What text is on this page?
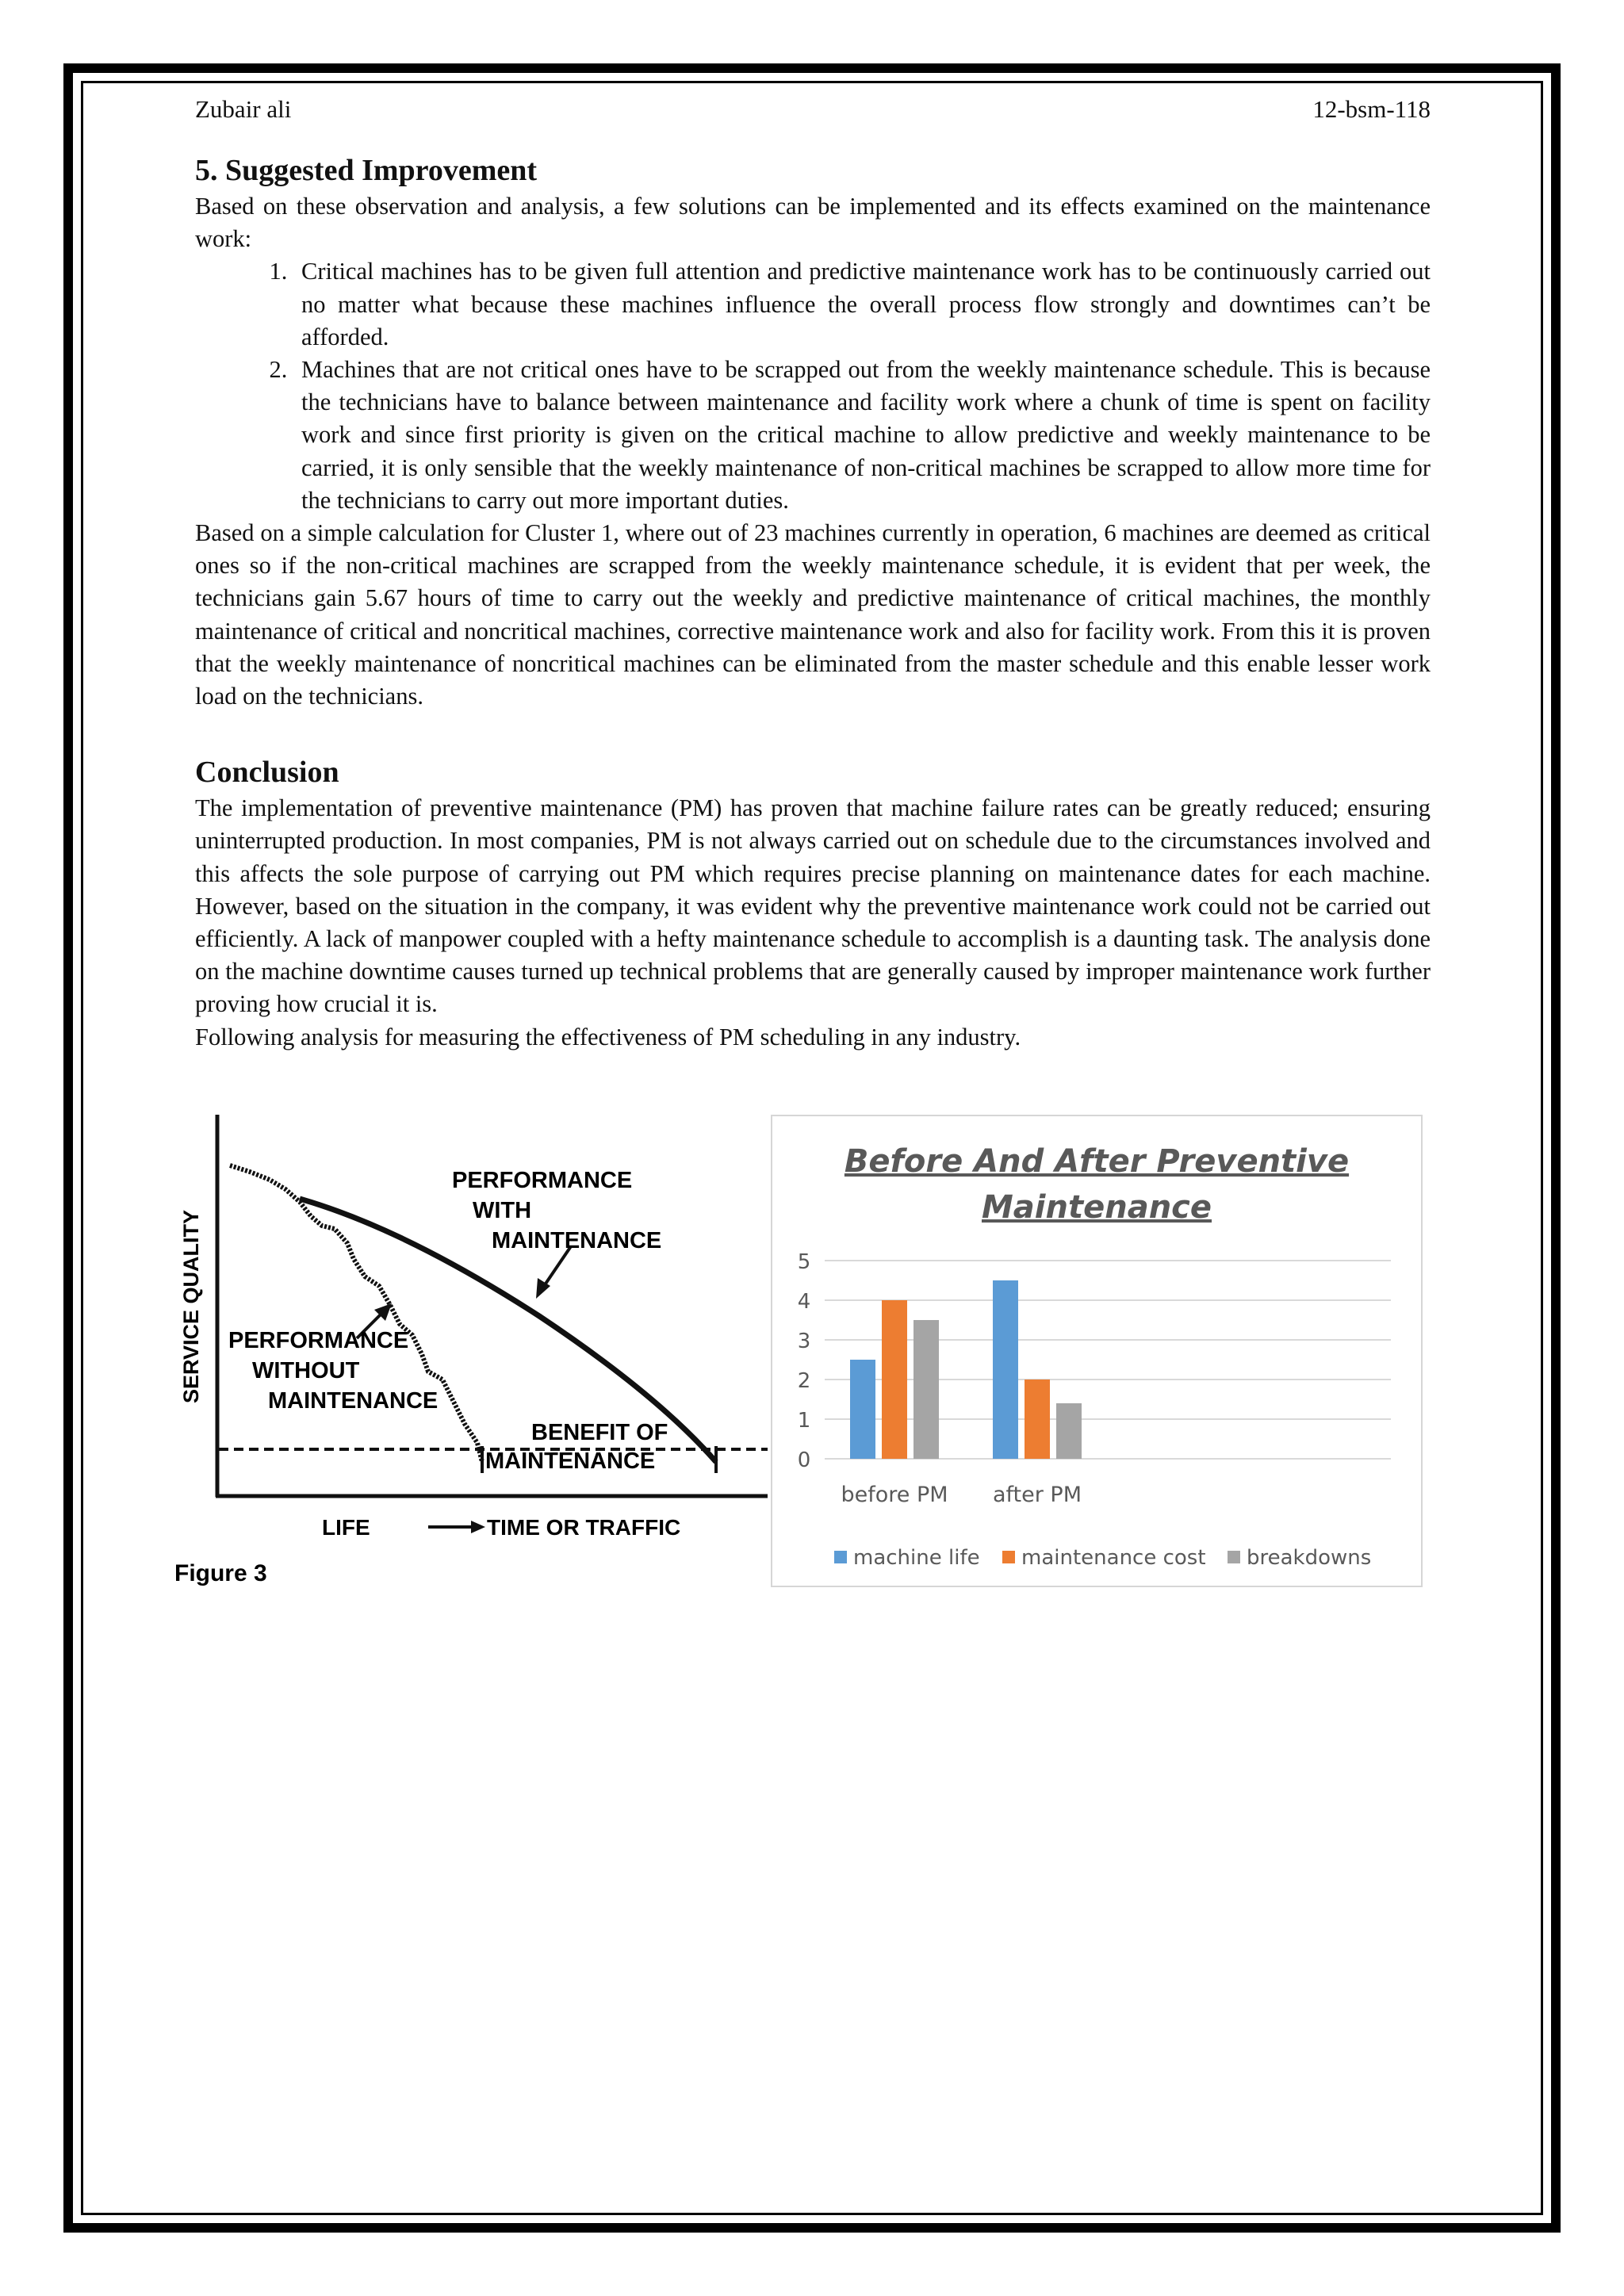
Zubair ali	12-bsm-118
5. Suggested Improvement

Based on these observation and analysis, a few solutions can be implemented and its effects examined on the maintenance work:

1. Critical machines has to be given full attention and predictive maintenance work has to be continuously carried out no matter what because these machines influence the overall process flow strongly and downtimes can’t be afforded.
2. Machines that are not critical ones have to be scrapped out from the weekly maintenance schedule. This is because the technicians have to balance between maintenance and facility work where a chunk of time is spent on facility work and since first priority is given on the critical machine to allow predictive and weekly maintenance to be carried, it is only sensible that the weekly maintenance of non-critical machines be scrapped to allow more time for the technicians to carry out more important duties.

Based on a simple calculation for Cluster 1, where out of 23 machines currently in operation, 6 machines are deemed as critical ones so if the non-critical machines are scrapped from the weekly maintenance schedule, it is evident that per week, the technicians gain 5.67 hours of time to carry out the weekly and predictive maintenance of critical machines, the monthly maintenance of critical and noncritical machines, corrective maintenance work and also for facility work. From this it is proven that the weekly maintenance of noncritical machines can be eliminated from the master schedule and this enable lesser work load on the technicians.

Conclusion

The implementation of preventive maintenance (PM) has proven that machine failure rates can be greatly reduced; ensuring uninterrupted production. In most companies, PM is not always carried out on schedule due to the circumstances involved and this affects the sole purpose of carrying out PM which requires precise planning on maintenance dates for each machine. However, based on the situation in the company, it was evident why the preventive maintenance work could not be carried out efficiently. A lack of manpower coupled with a hefty maintenance schedule to accomplish is a daunting task. The analysis done on the machine downtime causes turned up technical problems that are generally caused by improper maintenance work further proving how crucial it is.

Following analysis for measuring the effectiveness of PM scheduling in any industry.

SERVICE QUALITY
PERFORMANCE
WITH
MAINTENANCE
PERFORMANCE
WITHOUT
MAINTENANCE
BENEFIT OF
MAINTENANCE
LIFE	TIME OR TRAFFIC
Figure 3
Before And After Preventive
Maintenance
0
1
2
3
4
5
before PM after PM
machine life maintenance cost breakdowns
